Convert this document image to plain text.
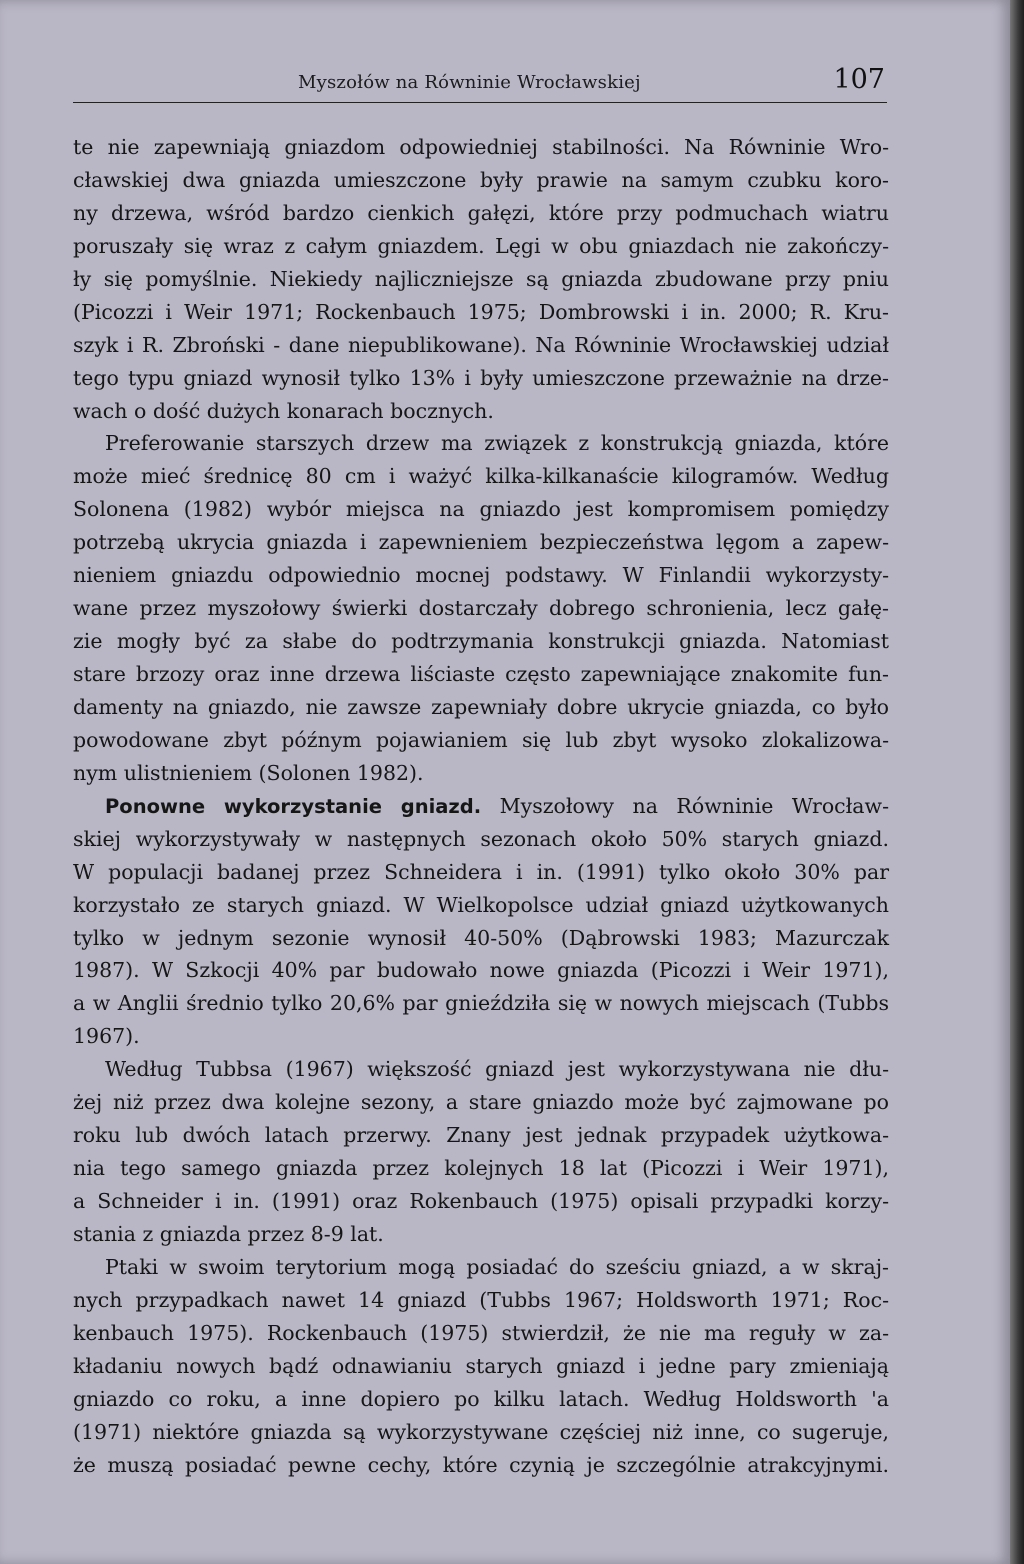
Myszołów na Równinie Wrocławskiej	107
te nie zapewniają gniazdom odpowiedniej stabilności. Na Równinie Wro-
cławskiej dwa gniazda umieszczone były prawie na samym czubku koro-
ny drzewa, wśród bardzo cienkich gałęzi, które przy podmuchach wiatru
poruszały się wraz z całym gniazdem. Lęgi w obu gniazdach nie zakończy-
ły się pomyślnie. Niekiedy najliczniejsze są gniazda zbudowane przy pniu
(Picozzi i Weir 1971; Rockenbauch 1975; Dombrowski i in. 2000; R. Kru-
szyk i R. Zbroński - dane niepublikowane). Na Równinie Wrocławskiej udział
tego typu gniazd wynosił tylko 13% i były umieszczone przeważnie na drze-
wach o dość dużych konarach bocznych.
Preferowanie starszych drzew ma związek z konstrukcją gniazda, które
może mieć średnicę 80 cm i ważyć kilka-kilkanaście kilogramów. Według
Solonena (1982) wybór miejsca na gniazdo jest kompromisem pomiędzy
potrzebą ukrycia gniazda i zapewnieniem bezpieczeństwa lęgom a zapew-
nieniem gniazdu odpowiednio mocnej podstawy. W Finlandii wykorzysty-
wane przez myszołowy świerki dostarczały dobrego schronienia, lecz gałę-
zie mogły być za słabe do podtrzymania konstrukcji gniazda. Natomiast
stare brzozy oraz inne drzewa liściaste często zapewniające znakomite fun-
damenty na gniazdo, nie zawsze zapewniały dobre ukrycie gniazda, co było
powodowane zbyt późnym pojawianiem się lub zbyt wysoko zlokalizowa-
nym ulistnieniem (Solonen 1982).
Ponowne wykorzystanie gniazd. Myszołowy na Równinie Wrocław-
skiej wykorzystywały w następnych sezonach około 50% starych gniazd.
W populacji badanej przez Schneidera i in. (1991) tylko około 30% par
korzystało ze starych gniazd. W Wielkopolsce udział gniazd użytkowanych
tylko w jednym sezonie wynosił 40-50% (Dąbrowski 1983; Mazurczak
1987). W Szkocji 40% par budowało nowe gniazda (Picozzi i Weir 1971),
a w Anglii średnio tylko 20,6% par gnieździła się w nowych miejscach (Tubbs
1967).
Według Tubbsa (1967) większość gniazd jest wykorzystywana nie dłu-
żej niż przez dwa kolejne sezony, a stare gniazdo może być zajmowane po
roku lub dwóch latach przerwy. Znany jest jednak przypadek użytkowa-
nia tego samego gniazda przez kolejnych 18 lat (Picozzi i Weir 1971),
a Schneider i in. (1991) oraz Rokenbauch (1975) opisali przypadki korzy-
stania z gniazda przez 8-9 lat.
Ptaki w swoim terytorium mogą posiadać do sześciu gniazd, a w skraj-
nych przypadkach nawet 14 gniazd (Tubbs 1967; Holdsworth 1971; Roc-
kenbauch 1975). Rockenbauch (1975) stwierdził, że nie ma reguły w za-
kładaniu nowych bądź odnawianiu starych gniazd i jedne pary zmieniają
gniazdo co roku, a inne dopiero po kilku latach. Według Holdsworth 'a
(1971) niektóre gniazda są wykorzystywane częściej niż inne, co sugeruje,
że muszą posiadać pewne cechy, które czynią je szczególnie atrakcyjnymi.
